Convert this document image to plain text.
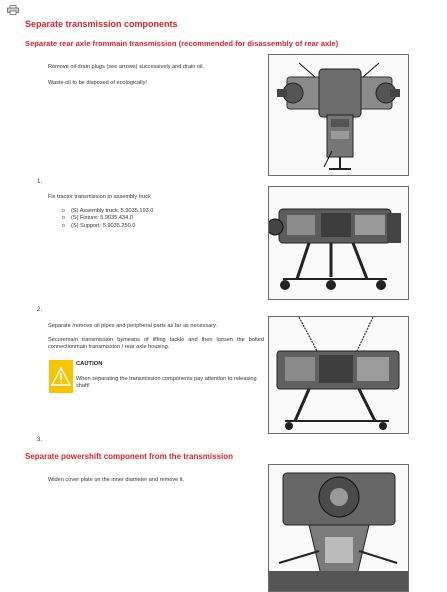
Separate transmission components
Separate rear axle frommain transmission (recommended for disassembly of rear axle)
Remove oil drain plugs (see arrows) successively and drain oil.
Waste oil to be disposed of ecologically!
1.
Fix tractor transmission to assembly truck
o (S) Assembly truck: 5.9035.193.0
o (S) Fixture: 5.9035.434.0
o (S) Support: 5.9035.250.0
2.
Separate /remove oil pipes and peripheral parts as far as necessary.
Securemain transmission bymeans of lifting tackle and then loosen the bolted connectionmain transmission / rear axle housing.
CAUTION
When separating the transmission components pay attention to releasing shaft!
3.
Separate powershift component from the transmission
Widen cover plate on the inner diameter and remove it.
